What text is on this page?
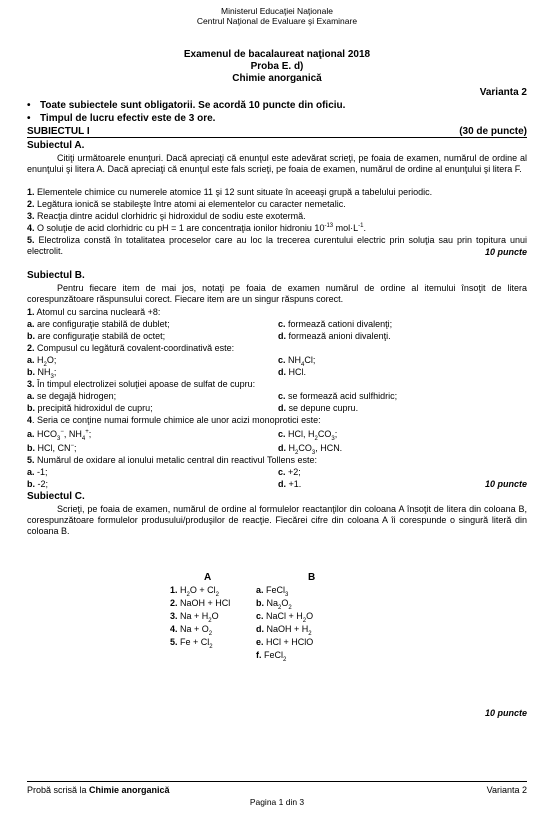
Ministerul Educaţiei Naţionale
Centrul Naţional de Evaluare şi Examinare
Examenul de bacalaureat naţional 2018
Proba E. d)
Chimie anorganică
Varianta 2
• Toate subiectele sunt obligatorii. Se acordă 10 puncte din oficiu.
• Timpul de lucru efectiv este de 3 ore.
SUBIECTUL I	(30 de puncte)
Subiectul A.
Citiţi următoarele enunţuri. Dacă apreciaţi că enunţul este adevărat scrieţi, pe foaia de examen, numărul de ordine al enunţului şi litera A. Dacă apreciaţi că enunţul este fals scrieţi, pe foaia de examen, numărul de ordine al enunţului şi litera F.
1. Elementele chimice cu numerele atomice 11 şi 12 sunt situate în aceeaşi grupă a tabelului periodic.
2. Legătura ionică se stabileşte între atomi ai elementelor cu caracter nemetalic.
3. Reacţia dintre acidul clorhidric şi hidroxidul de sodiu este exotermă.
4. O soluţie de acid clorhidric cu pH = 1 are concentraţia ionilor hidroniu $10^{-13}$ $mol\cdot L^{-1}$.
5. Electroliza constă în totalitatea proceselor care au loc la trecerea curentului electric prin soluţia sau prin topitura unui electrolit.	10 puncte
Subiectul B.
Pentru fiecare item de mai jos, notaţi pe foaia de examen numărul de ordine al itemului însoţit de litera corespunzătoare răspunsului corect. Fiecare item are un singur răspuns corect.
1. Atomul cu sarcina nucleară +8:
a. are configuraţie stabilă de dublet;	c. formează cationi divalenţi;
b. are configuraţie stabilă de octet;	d. formează anioni divalenţi.
2. Compusul cu legătură covalent-coordinativă este:
a. $H_2O$;	c. $NH_4Cl$;
b. $NH_3$;	d. HCl.
3. În timpul electrolizei soluţiei apoase de sulfat de cupru:
a. se degajă hidrogen;	c. se formează acid sulfhidric;
b. precipită hidroxidul de cupru;	d. se depune cupru.
4. Seria ce conţine numai formule chimice ale unor acizi monoprotici este:
a. $HCO_3^-$, $NH_4^+$;	c. HCl, $H_2CO_3$;
b. HCl, CN−;	d. $H_2CO_3$, HCN.
5. Numărul de oxidare al ionului metalic central din reactivul Tollens este:
a. -1;	c. +2;
b. -2;	d. +1.	10 puncte
Subiectul C.
Scrieţi, pe foaia de examen, numărul de ordine al formulelor reactanţilor din coloana A însoţit de litera din coloana B, corespunzătoare formulelor produsului/produşilor de reacţie. Fiecărei cifre din coloana A îi corespunde o singură literă din coloana B.
A	B
1. $H_2O + Cl_2$
2. NaOH + HCl
3. $Na + H_2O$
4. $Na + O_2$
5. $Fe + Cl_2$
a. FeCl$_3$
b. $Na_2O_2$
c. NaCl + $H_2O$
d. NaOH + $H_2$
e. HCl + HClO
f. FeCl$_2$
10 puncte
Probă scrisă la Chimie anorganică	Varianta 2
Pagina 1 din 3
